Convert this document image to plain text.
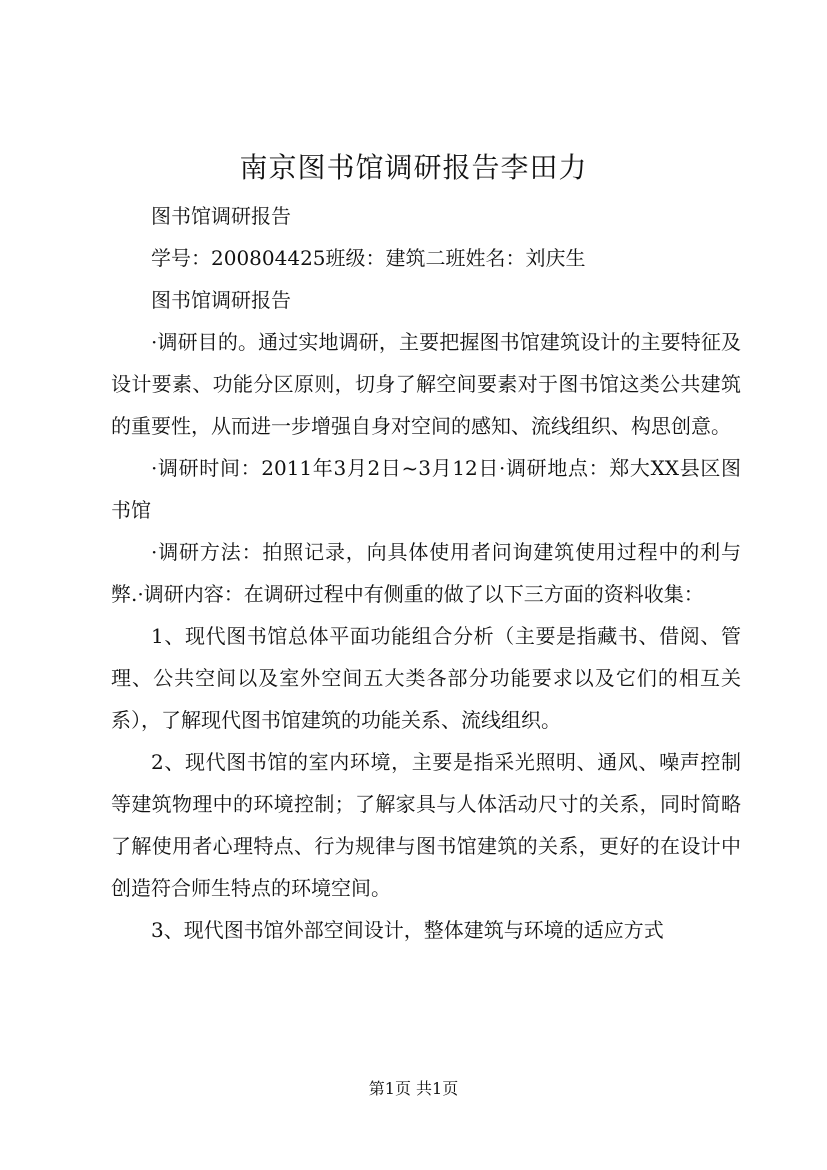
南京图书馆调研报告李田力

图书馆调研报告

学号：200804425班级：建筑二班姓名：刘庆生

图书馆调研报告

·调研目的。通过实地调研，主要把握图书馆建筑设计的主要特征及设计要素、功能分区原则，切身了解空间要素对于图书馆这类公共建筑的重要性，从而进一步增强自身对空间的感知、流线组织、构思创意。

·调研时间：2011年3月2日~3月12日·调研地点：郑大XX县区图书馆

·调研方法：拍照记录，向具体使用者问询建筑使用过程中的利与弊.·调研内容：在调研过程中有侧重的做了以下三方面的资料收集：

1、现代图书馆总体平面功能组合分析（主要是指藏书、借阅、管理、公共空间以及室外空间五大类各部分功能要求以及它们的相互关系），了解现代图书馆建筑的功能关系、流线组织。

2、现代图书馆的室内环境，主要是指采光照明、通风、噪声控制等建筑物理中的环境控制；了解家具与人体活动尺寸的关系，同时简略了解使用者心理特点、行为规律与图书馆建筑的关系，更好的在设计中创造符合师生特点的环境空间。

3、现代图书馆外部空间设计，整体建筑与环境的适应方式

第1页 共1页
